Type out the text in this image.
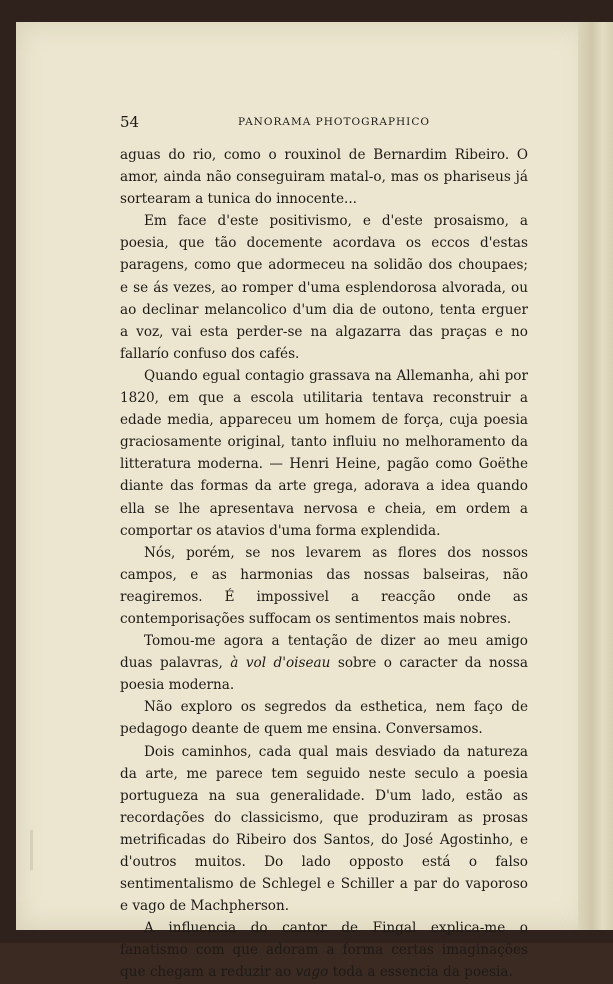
54	PANORAMA PHOTOGRAPHICO

aguas do rio, como o rouxinol de Bernardim Ribeiro. O amor, ainda não conseguiram matal-o, mas os phariseus já sortearam a tunica do innocente...

Em face d'este positivismo, e d'este prosaismo, a poesia, que tão docemente acordava os eccos d'estas paragens, como que adormeceu na solidão dos choupaes; e se ás vezes, ao romper d'uma esplendorosa alvorada, ou ao declinar melancolico d'um dia de outono, tenta erguer a voz, vai esta perder-se na algazarra das praças e no fallarío confuso dos cafés.

Quando egual contagio grassava na Allemanha, ahi por 1820, em que a escola utilitaria tentava reconstruir a edade media, appareceu um homem de força, cuja poesia graciosamente original, tanto influiu no melhoramento da litteratura moderna. — Henri Heine, pagão como Goëthe diante das formas da arte grega, adorava a idea quando ella se lhe apresentava nervosa e cheia, em ordem a comportar os atavios d'uma forma explendida.

Nós, porém, se nos levarem as flores dos nossos campos, e as harmonias das nossas balseiras, não reagiremos. É impossivel a reacção onde as contemporisações suffocam os sentimentos mais nobres.

Tomou-me agora a tentação de dizer ao meu amigo duas palavras, à vol d'oiseau sobre o caracter da nossa poesia moderna.

Não exploro os segredos da esthetica, nem faço de pedagogo deante de quem me ensina. Conversamos.

Dois caminhos, cada qual mais desviado da natureza da arte, me parece tem seguido neste seculo a poesia portugueza na sua generalidade. D'um lado, estão as recordações do classicismo, que produziram as prosas metrificadas do Ribeiro dos Santos, do José Agostinho, e d'outros muitos. Do lado opposto está o falso sentimentalismo de Schlegel e Schiller a par do vaporoso e vago de Machpherson.

A influencia do cantor de Fingal explica-me o fanatismo com que adoram a forma certas imaginações que chegam a reduzir ao vago toda a essencia da poesia.
